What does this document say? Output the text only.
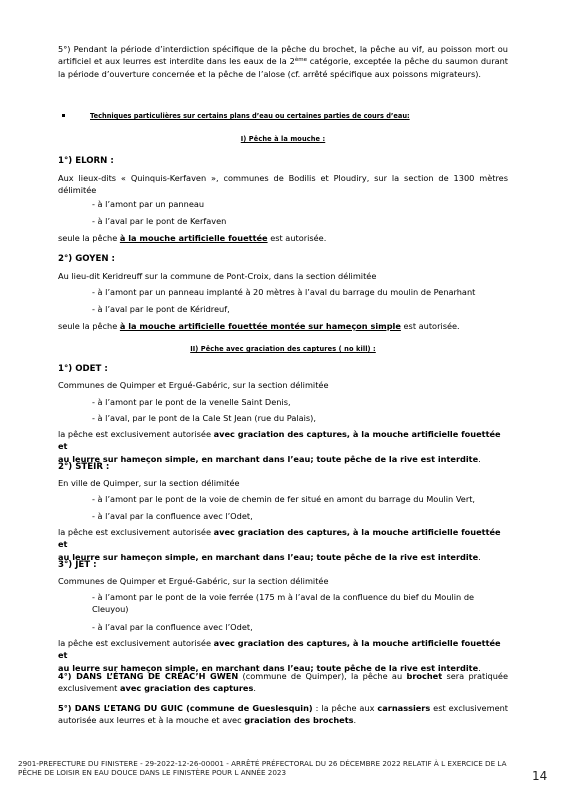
5°) Pendant la période d’interdiction spécifique de la pêche du brochet, la pêche au vif, au poisson mort ou artificiel et aux leurres est interdite dans les eaux de la 2ème catégorie, exceptée la pêche du saumon durant la période d’ouverture concernée et la pêche de l’alose (cf. arrêté spécifique aux poissons migrateurs).

Techniques particulières sur certains plans d’eau ou certaines parties de cours d’eau:

I) Pêche à la mouche :

1°) ELORN :

Aux lieux-dits « Quinquis-Kerfaven », communes de Bodilis et Ploudiry, sur la section de 1300 mètres délimitée

- à l’amont par un panneau

- à l’aval par le pont de Kerfaven

seule la pêche à la mouche artificielle fouettée est autorisée.

2°) GOYEN :

Au lieu-dit Keridreuff sur la commune de Pont-Croix, dans la section délimitée

- à l’amont par un panneau implanté à 20 mètres à l’aval du barrage du moulin de Penarhant

- à l’aval par le pont de Kéridreuf,

seule la pêche à la mouche artificielle fouettée montée sur hameçon simple est autorisée.

II) Pêche avec graciation des captures ( no kill) :

1°) ODET :

Communes de Quimper et Ergué-Gabéric, sur la section délimitée

- à l’amont par le pont de la venelle Saint Denis,

- à l’aval, par le pont de la Cale St Jean (rue du Palais),

la pêche est exclusivement autorisée avec graciation des captures, à la mouche artificielle fouettée et
au leurre sur hameçon simple, en marchant dans l’eau; toute pêche de la rive est interdite.

2°) STEIR :

En ville de Quimper, sur la section délimitée

- à l’amont par le pont de la voie de chemin de fer situé en amont du barrage du Moulin Vert,

- à l’aval par la confluence avec l’Odet,

la pêche est exclusivement autorisée avec graciation des captures, à la mouche artificielle fouettée et
au leurre sur hameçon simple, en marchant dans l’eau; toute pêche de la rive est interdite.

3°) JET :

Communes de Quimper et Ergué-Gabéric, sur la section délimitée

- à l’amont par le pont de la voie ferrée (175 m à l’aval de la confluence du bief du Moulin de
Cleuyou)

- à l’aval par la confluence avec l’Odet,

la pêche est exclusivement autorisée avec graciation des captures, à la mouche artificielle fouettée et
au leurre sur hameçon simple, en marchant dans l’eau; toute pêche de la rive est interdite.

4°) DANS L’ÉTANG DE CRÉAC’H GWEN (commune de Quimper), la pêche au brochet sera pratiquée exclusivement avec graciation des captures.

5°) DANS L’ETANG DU GUIC (commune de Gueslesquin) : la pêche aux carnassiers est exclusivement autorisée aux leurres et à la mouche et avec graciation des brochets.

2901-PREFECTURE DU FINISTERE - 29-2022-12-26-00001 - ARRÊTÉ PRÉFECTORAL DU 26 DÉCEMBRE 2022 RELATIF À L EXERCICE DE LA
PÊCHE DE LOISIR EN EAU DOUCE DANS LE FINISTÈRE POUR L ANNÉE 2023	14
